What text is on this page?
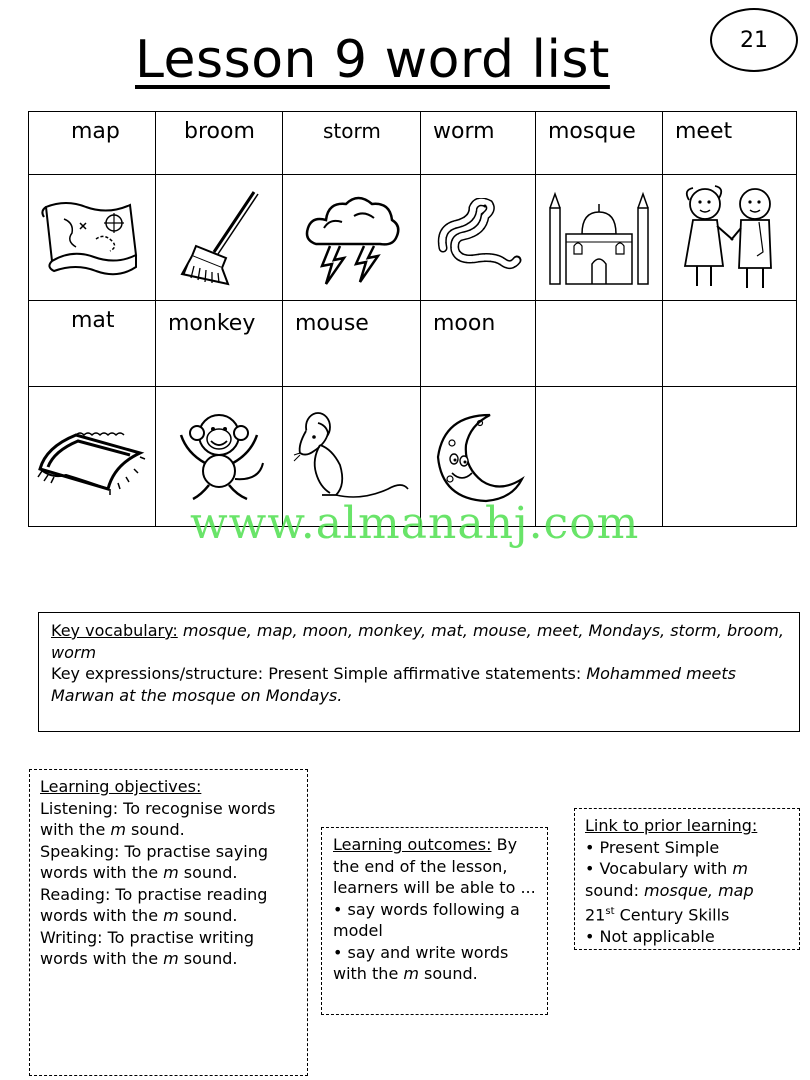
21
Lesson 9 word list
map	broom	storm	worm	mosque	meet

mat	monkey	mouse	moon		

www.almanahj.com
Key vocabulary: mosque, map, moon, monkey, mat, mouse, meet, Mondays, storm, broom, worm
Key expressions/structure: Present Simple affirmative statements: Mohammed meets Marwan at the mosque on Mondays.
Learning objectives:
Listening: To recognise words with the m sound.
Speaking: To practise saying words with the m sound.
Reading: To practise reading words with the m sound.
Writing: To practise writing words with the m sound.
Learning outcomes: By the end of the lesson, learners will be able to ...
• say words following a model
• say and write words with the m sound.
Link to prior learning:
• Present Simple
• Vocabulary with m sound: mosque, map
21st Century Skills
• Not applicable
